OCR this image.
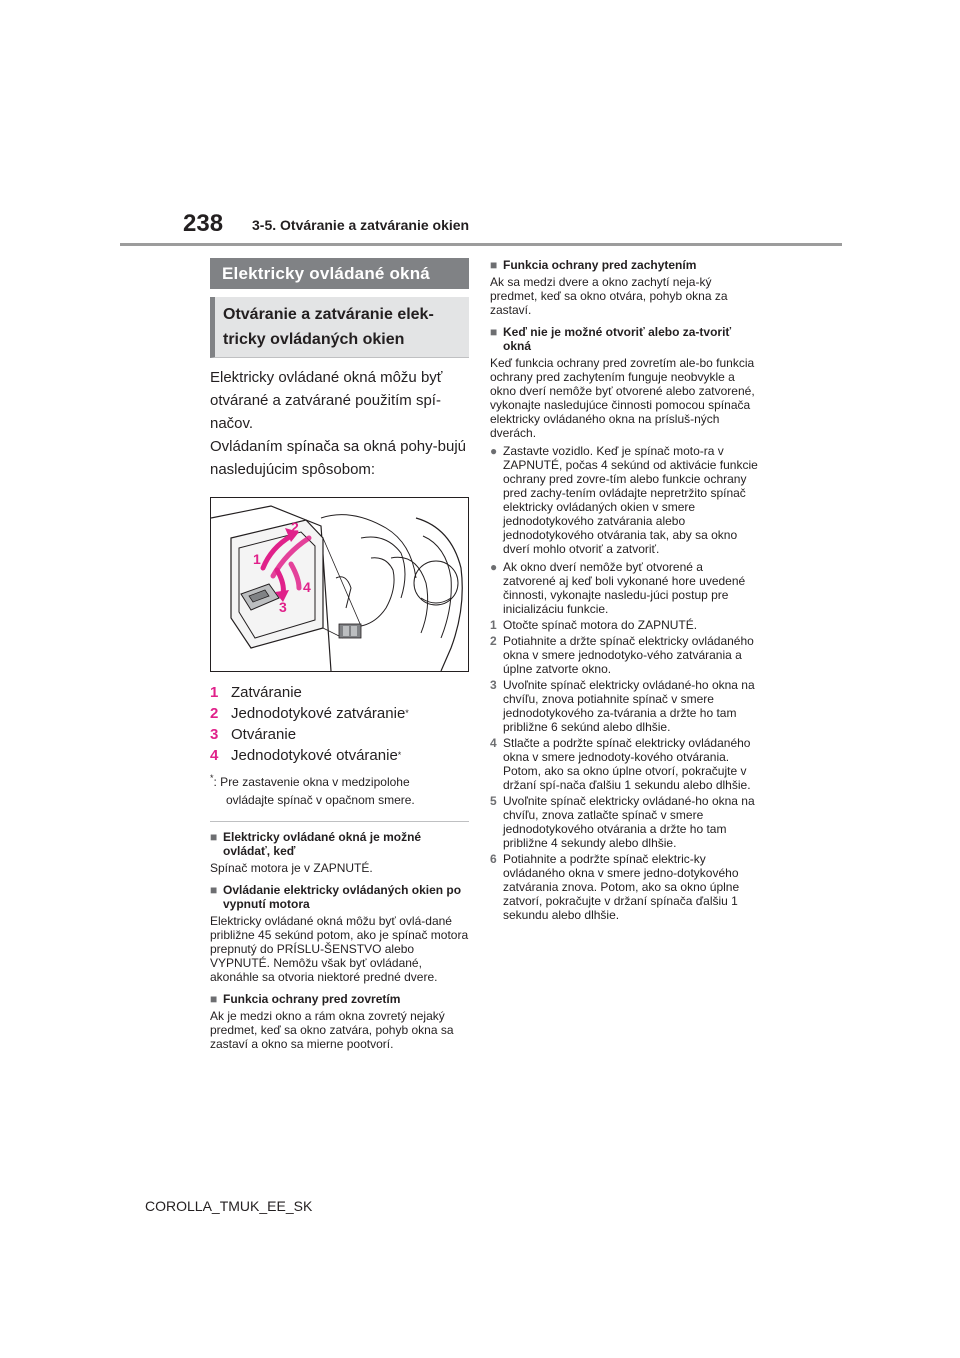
238 3-5. Otváranie a zatváranie okien
Elektricky ovládané okná
Otváranie a zatváranie elek-tricky ovládaných okien

Elektricky ovládané okná môžu byť otvárané a zatvárané použitím spí-načov.

Ovládaním spínača sa okná pohy-bujú nasledujúcim spôsobom:

1
2
3
4
1 Zatváranie
2 Jednodotykové zatváranie *
3 Otváranie
4 Jednodotykové otváranie *
*: Pre zastavenie okna v medzipolohe
ovládajte spínač v opačnom smere.
■ Elektricky ovládané okná je možné ovládať, keď
Spínač motora je v ZAPNUTÉ.
■ Ovládanie elektricky ovládaných okien po vypnutí motora
Elektricky ovládané okná môžu byť ovlá-dané približne 45 sekúnd potom, ako je spínač motora prepnutý do PRÍSLU-ŠENSTVO alebo VYPNUTÉ. Nemôžu však byť ovládané, akonáhle sa otvoria niektoré predné dvere.
■ Funkcia ochrany pred zovretím
Ak je medzi okno a rám okna zovretý nejaký predmet, keď sa okno zatvára, pohyb okna sa zastaví a okno sa mierne pootvorí.
■ Funkcia ochrany pred zachytením
Ak sa medzi dvere a okno zachytí neja-ký predmet, keď sa okno otvára, pohyb okna za zastaví.
■ Keď nie je možné otvoriť alebo za-tvoriť okná
Keď funkcia ochrany pred zovretím ale-bo funkcia ochrany pred zachytením funguje neobvykle a okno dverí nemôže byť otvorené alebo zatvorené, vykonajte nasledujúce činnosti pomocou spínača elektricky ovládaného okna na prísluš-ných dverách.
● Zastavte vozidlo. Keď je spínač moto-ra v ZAPNUTÉ, počas 4 sekúnd od aktivácie funkcie ochrany pred zovre-tím alebo funkcie ochrany pred zachy-tením ovládajte nepretržito spínač elektricky ovládaných okien v smere jednodotykového zatvárania alebo jednodotykového otvárania tak, aby sa okno dverí mohlo otvoriť a zatvoriť.
● Ak okno dverí nemôže byť otvorené a zatvorené aj keď boli vykonané hore uvedené činnosti, vykonajte nasledu-júci postup pre inicializáciu funkcie.
1 Otočte spínač motora do ZAPNUTÉ.
2 Potiahnite a držte spínač elektricky ovládaného okna v smere jednodotyko-vého zatvárania a úplne zatvorte okno.
3 Uvoľnite spínač elektricky ovládané-ho okna na chvíľu, znova potiahnite spínač v smere jednodotykového za-tvárania a držte ho tam približne 6 sekúnd alebo dlhšie.
4 Stlačte a podržte spínač elektricky ovládaného okna v smere jednodoty-kového otvárania. Potom, ako sa okno úplne otvorí, pokračujte v držaní spí-nača ďalšiu 1 sekundu alebo dlhšie.
5 Uvoľnite spínač elektricky ovládané-ho okna na chvíľu, znova zatlačte spínač v smere jednodotykového otvárania a držte ho tam približne 4 sekundy alebo dlhšie.
6 Potiahnite a podržte spínač elektric-ky ovládaného okna v smere jedno-dotykového zatvárania znova. Potom, ako sa okno úplne zatvorí, pokračujte v držaní spínača ďalšiu 1 sekundu alebo dlhšie.
COROLLA_TMUK_EE_SK
